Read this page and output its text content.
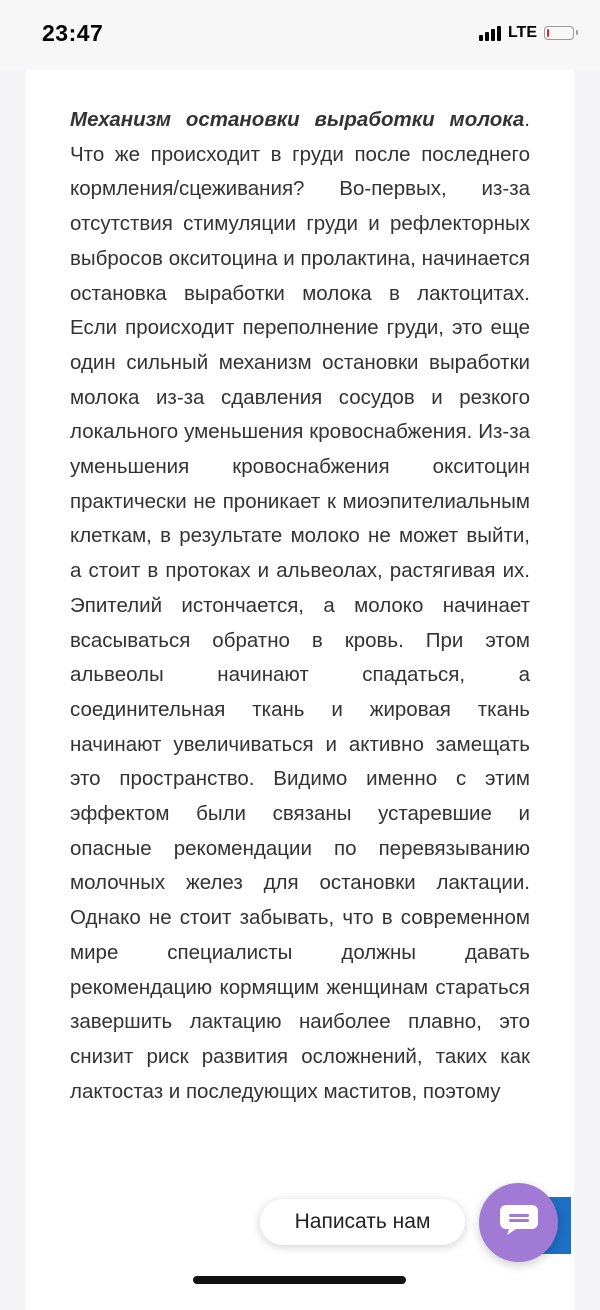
23:47	LTE

Механизм остановки выработки молока. Что же происходит в груди после последнего кормления/сцеживания? Во-первых, из-за отсутствия стимуляции груди и рефлекторных выбросов окситоцина и пролактина, начинается остановка выработки молока в лактоцитах. Если происходит переполнение груди, это еще один сильный механизм остановки выработки молока из-за сдавления сосудов и резкого локального уменьшения кровоснабжения. Из-за уменьшения кровоснабжения окситоцин практически не проникает к миоэпителиальным клеткам, в результате молоко не может выйти, а стоит в протоках и альвеолах, растягивая их. Эпителий истончается, а молоко начинает всасываться обратно в кровь. При этом альвеолы начинают спадаться, а соединительная ткань и жировая ткань начинают увеличиваться и активно замещать это пространство. Видимо именно с этим эффектом были связаны устаревшие и опасные рекомендации по перевязыванию молочных желез для остановки лактации. Однако не стоит забывать, что в современном мире специалисты должны давать рекомендацию кормящим женщинам стараться завершить лактацию наиболее плавно, это снизит риск развития осложнений, таких как лактостаз и последующих маститов, поэтому

Написать нам
